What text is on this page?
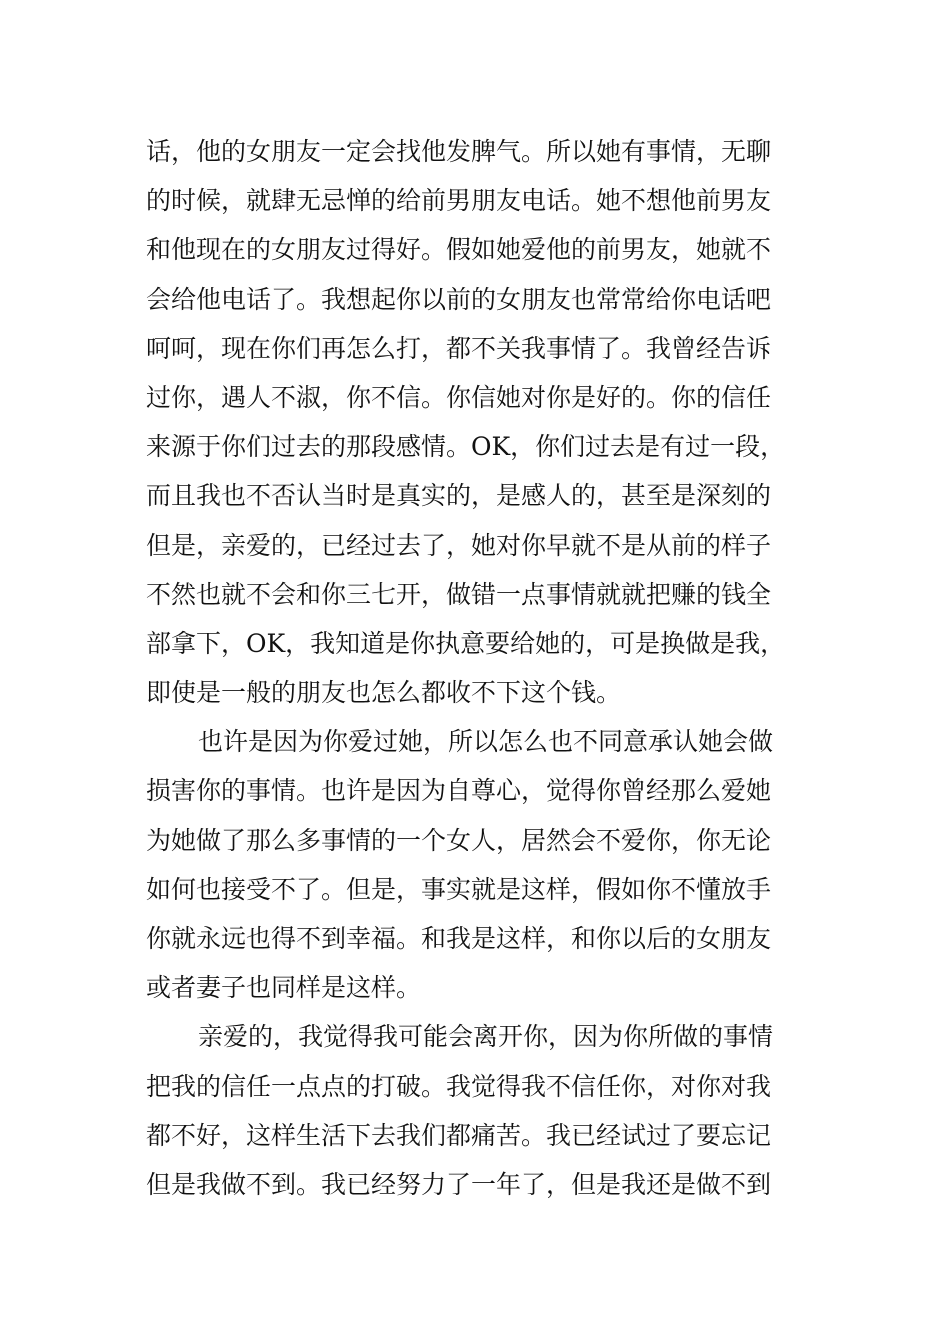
话，他的女朋友一定会找他发脾气。所以她有事情，无聊
的时候，就肆无忌惮的给前男朋友电话。她不想他前男友
和他现在的女朋友过得好。假如她爱他的前男友，她就不
会给他电话了。我想起你以前的女朋友也常常给你电话吧
呵呵，现在你们再怎么打，都不关我事情了。我曾经告诉
过你，遇人不淑，你不信。你信她对你是好的。你的信任
来源于你们过去的那段感情。OK，你们过去是有过一段，
而且我也不否认当时是真实的，是感人的，甚至是深刻的
但是，亲爱的，已经过去了，她对你早就不是从前的样子
不然也就不会和你三七开，做错一点事情就就把赚的钱全
部拿下，OK，我知道是你执意要给她的，可是换做是我，
即使是一般的朋友也怎么都收不下这个钱。
也许是因为你爱过她，所以怎么也不同意承认她会做
损害你的事情。也许是因为自尊心，觉得你曾经那么爱她
为她做了那么多事情的一个女人，居然会不爱你，你无论
如何也接受不了。但是，事实就是这样，假如你不懂放手
你就永远也得不到幸福。和我是这样，和你以后的女朋友
或者妻子也同样是这样。
亲爱的，我觉得我可能会离开你，因为你所做的事情
把我的信任一点点的打破。我觉得我不信任你，对你对我
都不好，这样生活下去我们都痛苦。我已经试过了要忘记
但是我做不到。我已经努力了一年了，但是我还是做不到
